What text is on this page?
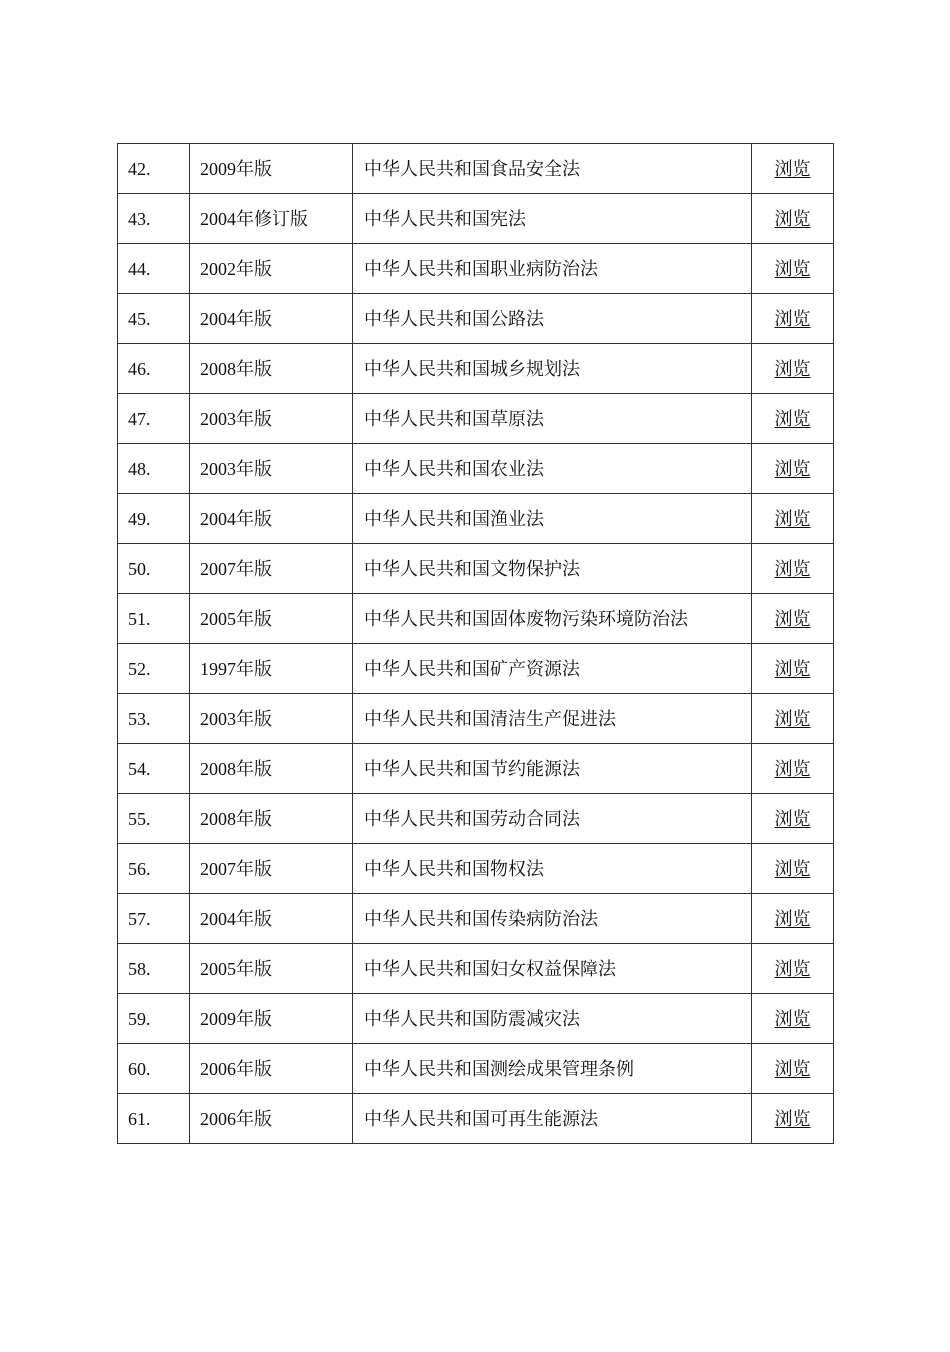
42.	2009年版	中华人民共和国食品安全法	浏览
43.	2004年修订版	中华人民共和国宪法	浏览
44.	2002年版	中华人民共和国职业病防治法	浏览
45.	2004年版	中华人民共和国公路法	浏览
46.	2008年版	中华人民共和国城乡规划法	浏览
47.	2003年版	中华人民共和国草原法	浏览
48.	2003年版	中华人民共和国农业法	浏览
49.	2004年版	中华人民共和国渔业法	浏览
50.	2007年版	中华人民共和国文物保护法	浏览
51.	2005年版	中华人民共和国固体废物污染环境防治法	浏览
52.	1997年版	中华人民共和国矿产资源法	浏览
53.	2003年版	中华人民共和国清洁生产促进法	浏览
54.	2008年版	中华人民共和国节约能源法	浏览
55.	2008年版	中华人民共和国劳动合同法	浏览
56.	2007年版	中华人民共和国物权法	浏览
57.	2004年版	中华人民共和国传染病防治法	浏览
58.	2005年版	中华人民共和国妇女权益保障法	浏览
59.	2009年版	中华人民共和国防震减灾法	浏览
60.	2006年版	中华人民共和国测绘成果管理条例	浏览
61.	2006年版	中华人民共和国可再生能源法	浏览
